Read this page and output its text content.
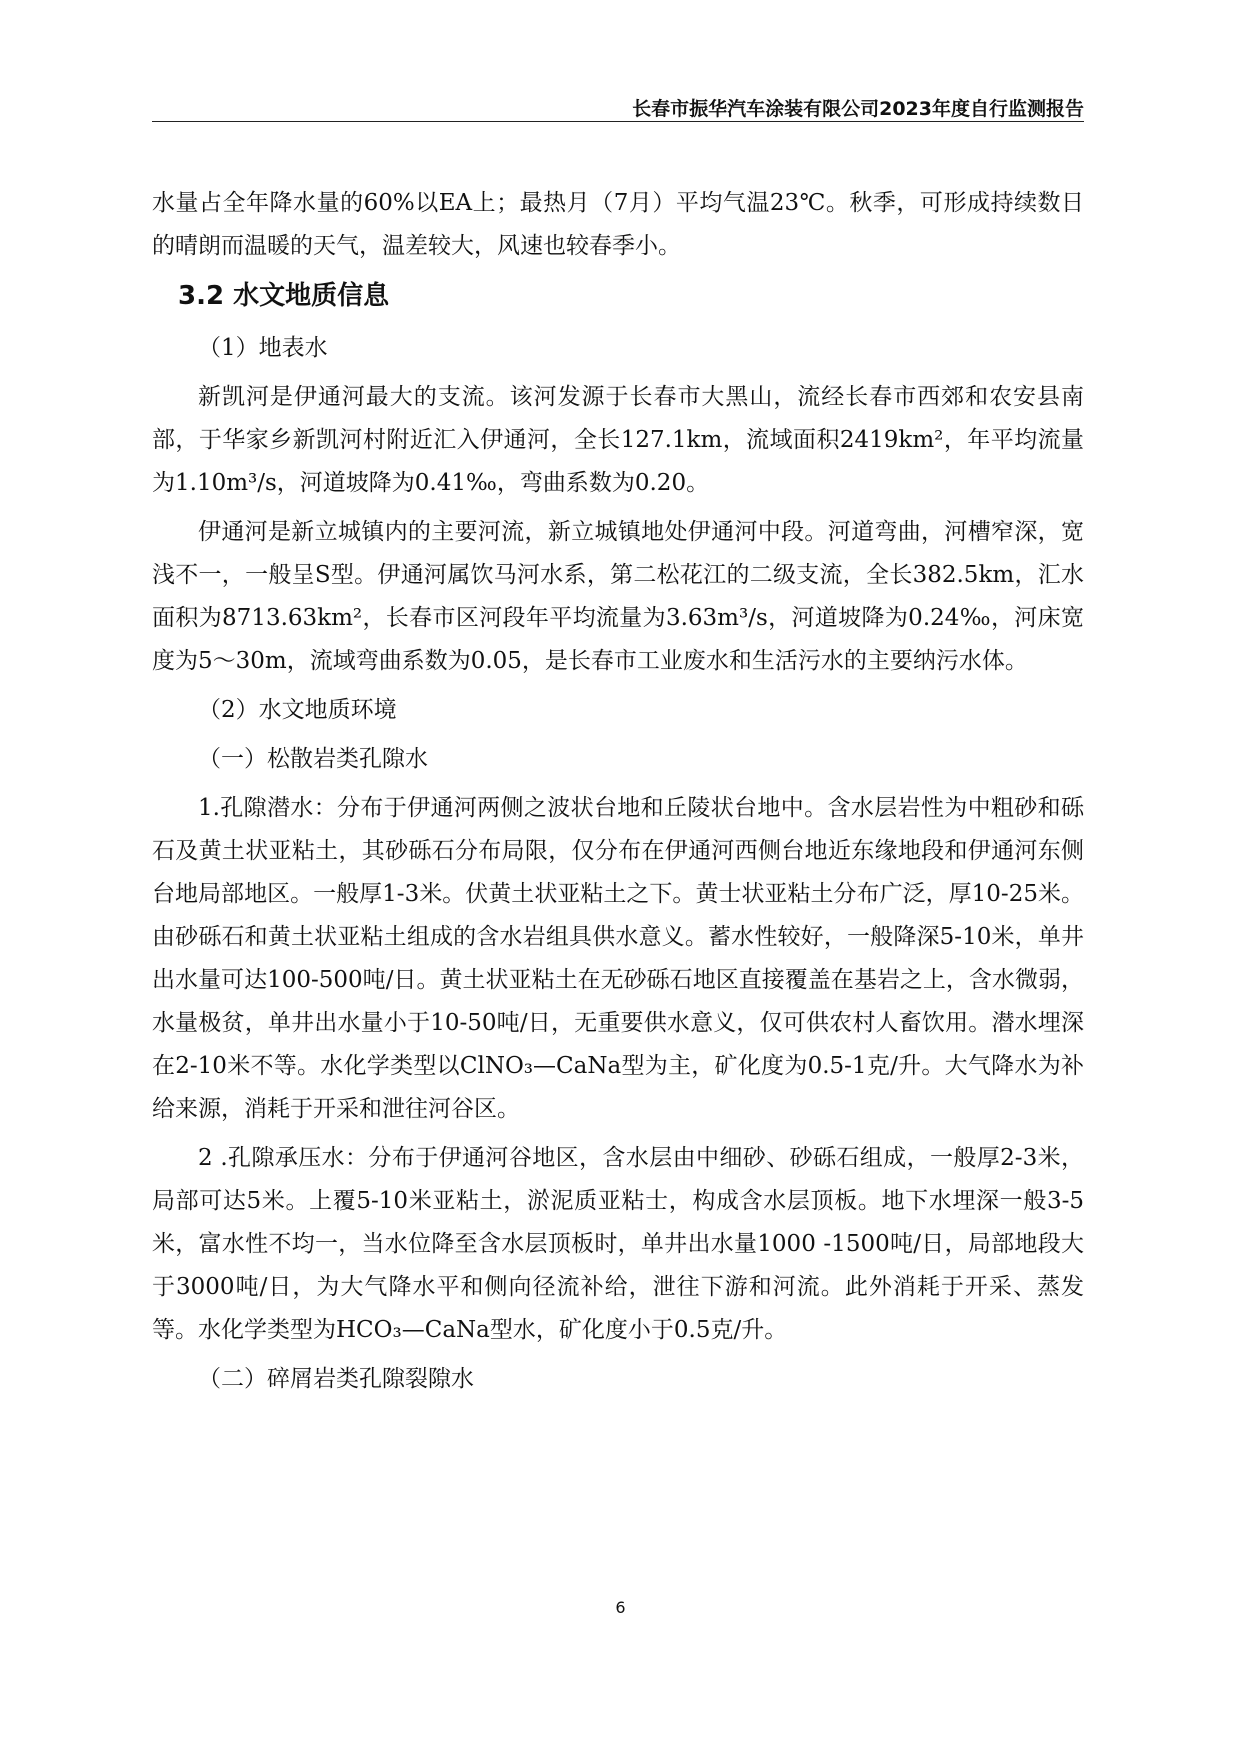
长春市振华汽车涂装有限公司2023年度自行监测报告

水量占全年降水量的60%以EA上；最热月（7月）平均气温23℃。秋季，可形成持续数日的晴朗而温暖的天气，温差较大，风速也较春季小。

3.2 水文地质信息

（1）地表水

新凯河是伊通河最大的支流。该河发源于长春市大黑山，流经长春市西郊和农安县南部，于华家乡新凯河村附近汇入伊通河，全长127.1km，流域面积2419km²，年平均流量为1.10m³/s，河道坡降为0.41‰，弯曲系数为0.20。

伊通河是新立城镇内的主要河流，新立城镇地处伊通河中段。河道弯曲，河槽窄深，宽浅不一，一般呈S型。伊通河属饮马河水系，第二松花江的二级支流，全长382.5km，汇水面积为8713.63km²，长春市区河段年平均流量为3.63m³/s，河道坡降为0.24‰，河床宽度为5～30m，流域弯曲系数为0.05，是长春市工业废水和生活污水的主要纳污水体。

（2）水文地质环境

（一）松散岩类孔隙水

1.孔隙潜水：分布于伊通河两侧之波状台地和丘陵状台地中。含水层岩性为中粗砂和砾石及黄土状亚粘土，其砂砾石分布局限，仅分布在伊通河西侧台地近东缘地段和伊通河东侧台地局部地区。一般厚1-3米。伏黄土状亚粘土之下。黄士状亚粘土分布广泛，厚10-25米。由砂砾石和黄土状亚粘土组成的含水岩组具供水意义。蓄水性较好，一般降深5-10米，单井出水量可达100-500吨/日。黄土状亚粘土在无砂砾石地区直接覆盖在基岩之上，含水微弱，水量极贫，单井出水量小于10-50吨/日，无重要供水意义，仅可供农村人畜饮用。潜水埋深在2-10米不等。水化学类型以ClNO₃—CaNa型为主，矿化度为0.5-1克/升。大气降水为补给来源，消耗于开采和泄往河谷区。

2 .孔隙承压水：分布于伊通河谷地区，含水层由中细砂、砂砾石组成，一般厚2-3米，局部可达5米。上覆5-10米亚粘土，淤泥质亚粘士，构成含水层顶板。地下水埋深一般3-5米，富水性不均一，当水位降至含水层顶板时，单井出水量1000 -1500吨/日，局部地段大于3000吨/日，为大气降水平和侧向径流补给，泄往下游和河流。此外消耗于开采、蒸发等。水化学类型为HCO₃—CaNa型水，矿化度小于0.5克/升。

（二）碎屑岩类孔隙裂隙水

6
